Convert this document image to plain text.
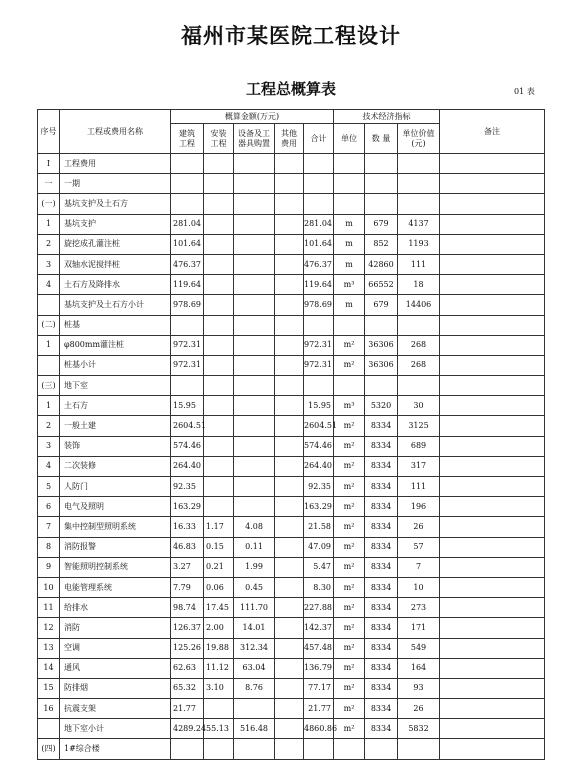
福州市某医院工程设计
工程总概算表	01 表
序号	工程或费用名称	概算金额(万元)					技术经济指标			备注
		建筑工程	安装工程	设备及工器具购置	其他费用	合计	单位	数 量	单位价值(元)	
Ⅰ	工程费用									
一	一期									
(一)	基坑支护及土石方									
1	基坑支护	281.04				281.04	m	679	4137	
2	旋挖成孔灌注桩	101.64				101.64	m	852	1193	
3	双轴水泥搅拌桩	476.37				476.37	m	42860	111	
4	土石方及降排水	119.64				119.64	m³	66552	18	
	基坑支护及土石方小计	978.69				978.69	m	679	14406	
(二)	桩基									
1	φ800mm灌注桩	972.31				972.31	m²	36306	268	
	桩基小计	972.31				972.31	m²	36306	268	
(三)	地下室									
1	土石方	15.95				15.95	m³	5320	30	
2	一般土建	2604.51				2604.51	m²	8334	3125	
3	装饰	574.46				574.46	m²	8334	689	
4	二次装修	264.40				264.40	m²	8334	317	
5	人防门	92.35				92.35	m²	8334	111	
6	电气及照明	163.29				163.29	m²	8334	196	
7	集中控制型照明系统	16.33	1.17	4.08		21.58	m²	8334	26	
8	消防报警	46.83	0.15	0.11		47.09	m²	8334	57	
9	智能照明控制系统	3.27	0.21	1.99		5.47	m²	8334	7	
10	电能管理系统	7.79	0.06	0.45		8.30	m²	8334	10	
11	给排水	98.74	17.45	111.70		227.88	m²	8334	273	
12	消防	126.37	2.00	14.01		142.37	m²	8334	171	
13	空调	125.26	19.88	312.34		457.48	m²	8334	549	
14	通风	62.63	11.12	63.04		136.79	m²	8334	164	
15	防排烟	65.32	3.10	8.76		77.17	m²	8334	93	
16	抗震支架	21.77				21.77	m²	8334	26	
	地下室小计	4289.24	55.13	516.48		4860.86	m²	8334	5832	
(四)	1#综合楼									
